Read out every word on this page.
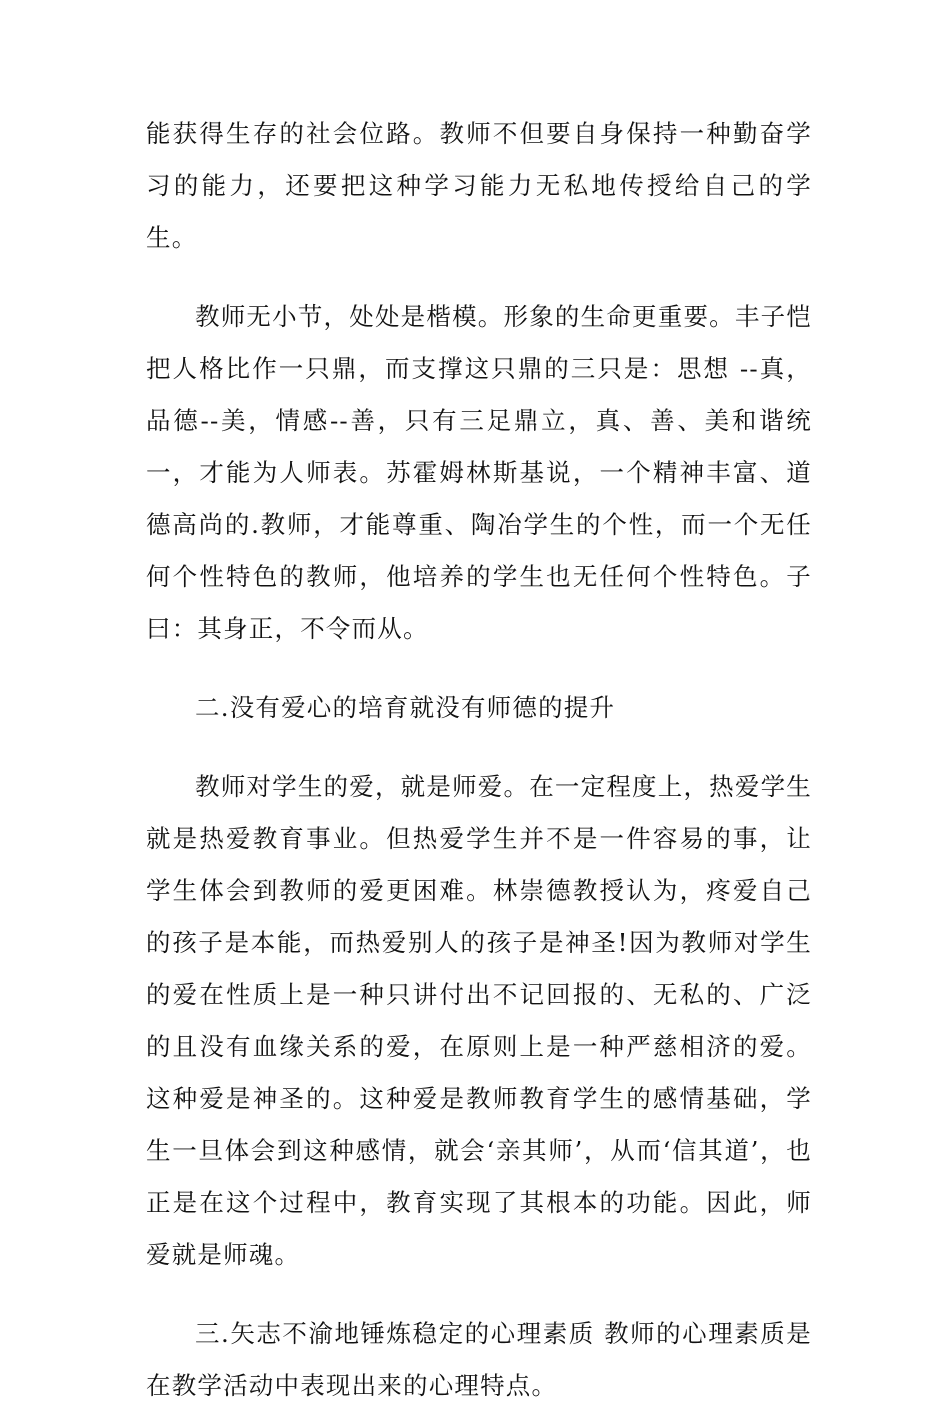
能获得生存的社会位路。教师不但要自身保持一种勤奋学习的能力，还要把这种学习能力无私地传授给自己的学生。

教师无小节，处处是楷模。形象的生命更重要。丰子恺把人格比作一只鼎，而支撑这只鼎的三只是：思想 --真，品德--美，情感--善，只有三足鼎立，真、善、美和谐统一，才能为人师表。苏霍姆林斯基说，一个精神丰富、道德高尚的.教师，才能尊重、陶冶学生的个性，而一个无任何个性特色的教师，他培养的学生也无任何个性特色。子曰：其身正，不令而从。

二.没有爱心的培育就没有师德的提升

教师对学生的爱，就是师爱。在一定程度上，热爱学生就是热爱教育事业。但热爱学生并不是一件容易的事，让学生体会到教师的爱更困难。林崇德教授认为，疼爱自己的孩子是本能，而热爱别人的孩子是神圣!因为教师对学生的爱在性质上是一种只讲付出不记回报的、无私的、广泛的且没有血缘关系的爱，在原则上是一种严慈相济的爱。这种爱是神圣的。这种爱是教师教育学生的感情基础，学生一旦体会到这种感情，就会‘亲其师’，从而‘信其道’，也正是在这个过程中，教育实现了其根本的功能。因此，师爱就是师魂。

三.矢志不渝地锤炼稳定的心理素质 教师的心理素质是在教学活动中表现出来的心理特点。
